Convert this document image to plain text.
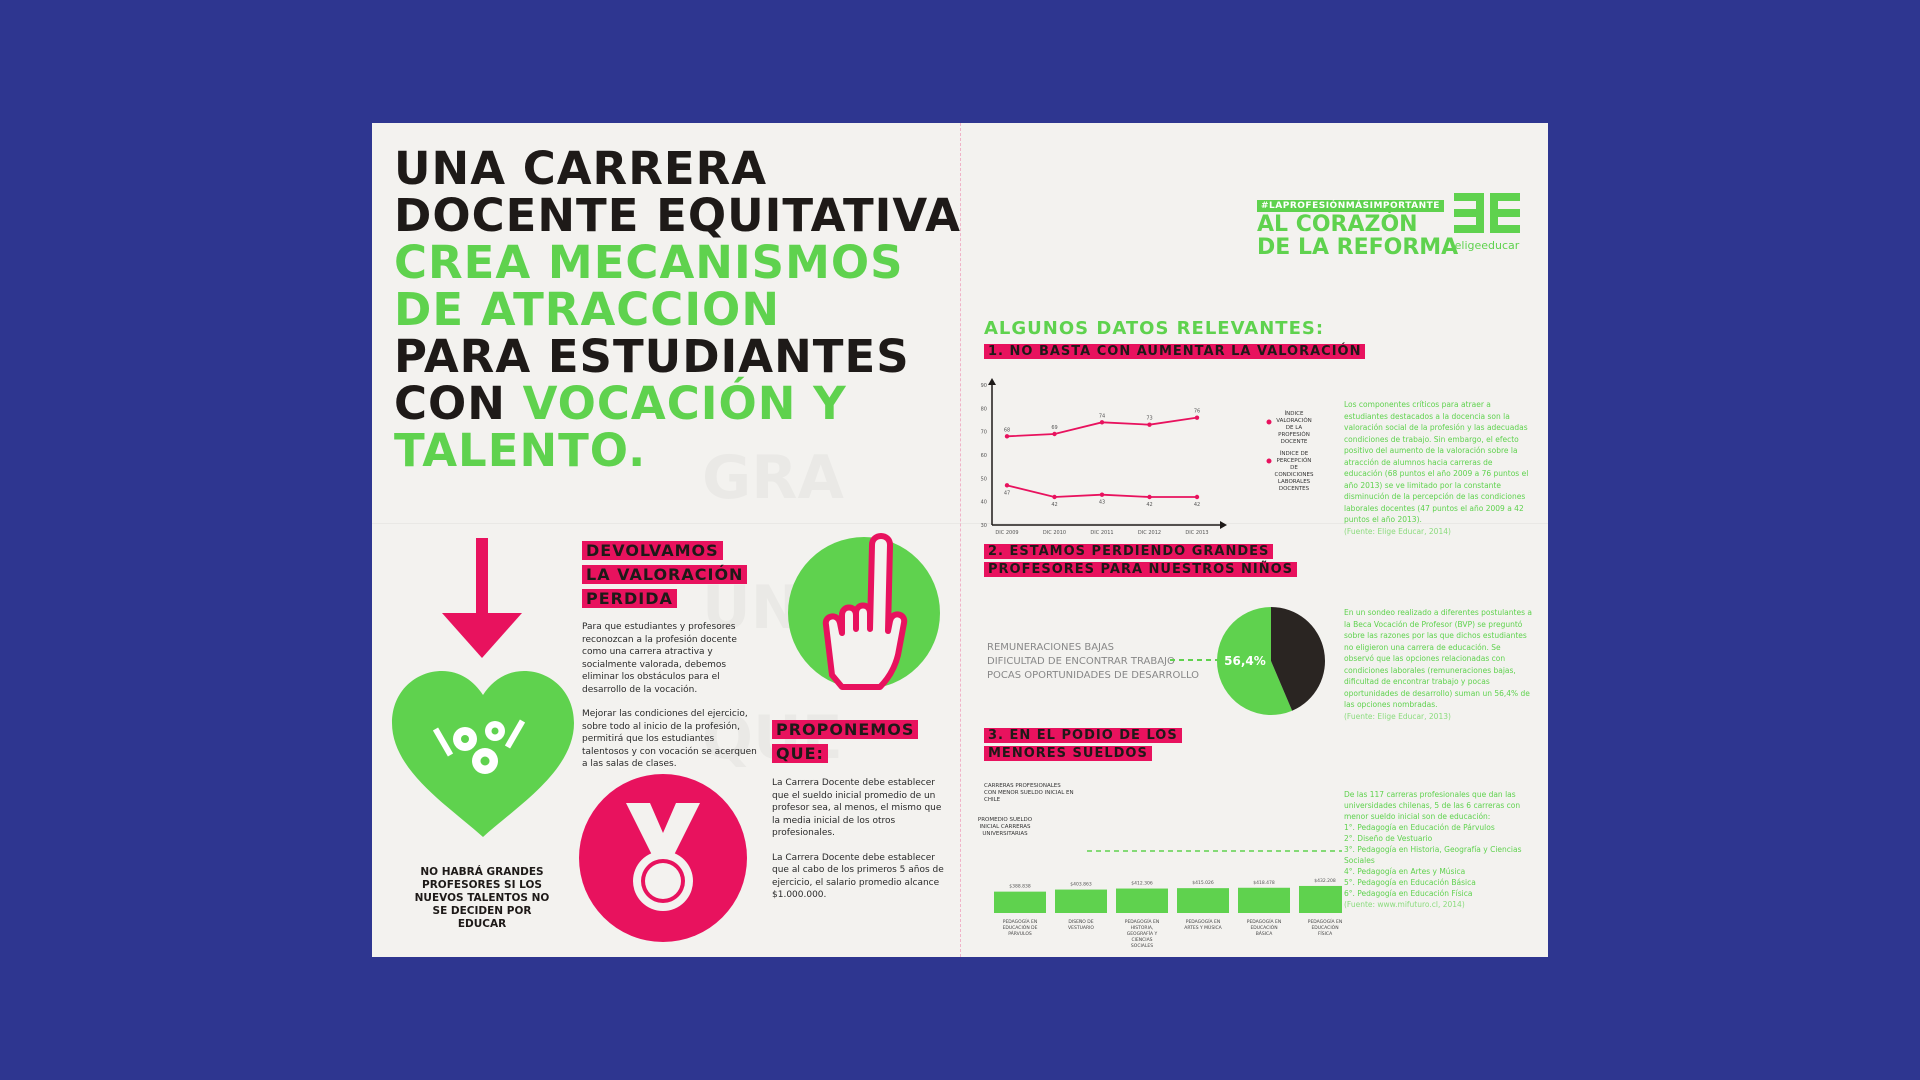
UNA CARRERA
DOCENTE EQUITATIVA
CREA MECANISMOS
DE ATRACCION
PARA ESTUDIANTES
CON VOCACIÓN Y
TALENTO.
NO HABRÁ GRANDES PROFESORES SI LOS NUEVOS TALENTOS NO SE DECIDEN POR EDUCAR
DEVOLVAMOS
LA VALORACIÓN
PERDIDA

Para que estudiantes y profesores reconozcan a la profesión docente como una carrera atractiva y socialmente valorada, debemos eliminar los obstáculos para el desarrollo de la vocación.

Mejorar las condiciones del ejercicio, sobre todo al inicio de la profesión, permitirá que los estudiantes talentosos y con vocación se acerquen a las salas de clases.

PROPONEMOS
QUE:

La Carrera Docente debe establecer que el sueldo inicial promedio de un profesor sea, al menos, el mismo que la media inicial de los otros profesionales.

La Carrera Docente debe establecer que al cabo de los primeros 5 años de ejercicio, el salario promedio alcance $1.000.000.

#LAPROFESIÓNMÁSIMPORTANTE
AL CORAZÓN
DE LA REFORMA
eligeeducar
ALGUNOS DATOS RELEVANTES:
1. NO BASTA CON AUMENTAR LA VALORACIÓN
30
40
50
60
70
80
90
DIC 2009	DIC 2010	DIC 2011	DIC 2012	DIC 2013
68	69
74	73
76
47
42	43	42	42
ÍNDICE VALORACIÓN DE LA PROFESIÓN DOCENTE
ÍNDICE DE PERCEPCIÓN DE CONDICIONES LABORALES DOCENTES
Los componentes críticos para atraer a estudiantes destacados a la docencia son la valoración social de la profesión y las adecuadas condiciones de trabajo. Sin embargo, el efecto positivo del aumento de la valoración sobre la atracción de alumnos hacia carreras de educación (68 puntos el año 2009 a 76 puntos el año 2013) se ve limitado por la constante disminución de la percepción de las condiciones laborales docentes (47 puntos el año 2009 a 42 puntos el año 2013).
(Fuente: Elige Educar, 2014)
2. ESTAMOS PERDIENDO GRANDES
PROFESORES PARA NUESTROS NIÑOS
REMUNERACIONES BAJAS
DIFICULTAD DE ENCONTRAR TRABAJO
POCAS OPORTUNIDADES DE DESARROLLO
56,4%
En un sondeo realizado a diferentes postulantes a la Beca Vocación de Profesor (BVP) se preguntó sobre las razones por las que dichos estudiantes no eligieron una carrera de educación. Se observó que las opciones relacionadas con condiciones laborales (remuneraciones bajas, dificultad de encontrar trabajo y pocas oportunidades de desarrollo) suman un 56,4% de las opciones nombradas.
(Fuente: Elige Educar, 2013)
3. EN EL PODIO DE LOS
MENORES SUELDOS
CARRERAS PROFESIONALES CON MENOR SUELDO INICIAL EN CHILE
PROMEDIO SUELDO INICIAL CARRERAS UNIVERSITARIAS
$388.838
PEDAGOGÍA EN
EDUCACIÓN DE
PÁRVULOS
$403.863
DISEÑO DE
VESTUARIO
$412.306
PEDAGOGÍA EN
HISTORIA,
GEOGRAFÍA Y
CIENCIAS
SOCIALES
$415.026
PEDAGOGÍA EN
ARTES Y MÚSICA
$418.478
PEDAGOGÍA EN
EDUCACIÓN
BÁSICA
$432.208
PEDAGOGÍA EN
EDUCACIÓN
FÍSICA
De las 117 carreras profesionales que dan las universidades chilenas, 5 de las 6 carreras con menor sueldo inicial son de educación:
1°. Pedagogía en Educación de Párvulos
2°. Diseño de Vestuario
3°. Pedagogía en Historia, Geografía y Ciencias Sociales
4°. Pedagogía en Artes y Música
5°. Pedagogía en Educación Básica
6°. Pedagogía en Educación Física
(Fuente: www.mifuturo.cl, 2014)
